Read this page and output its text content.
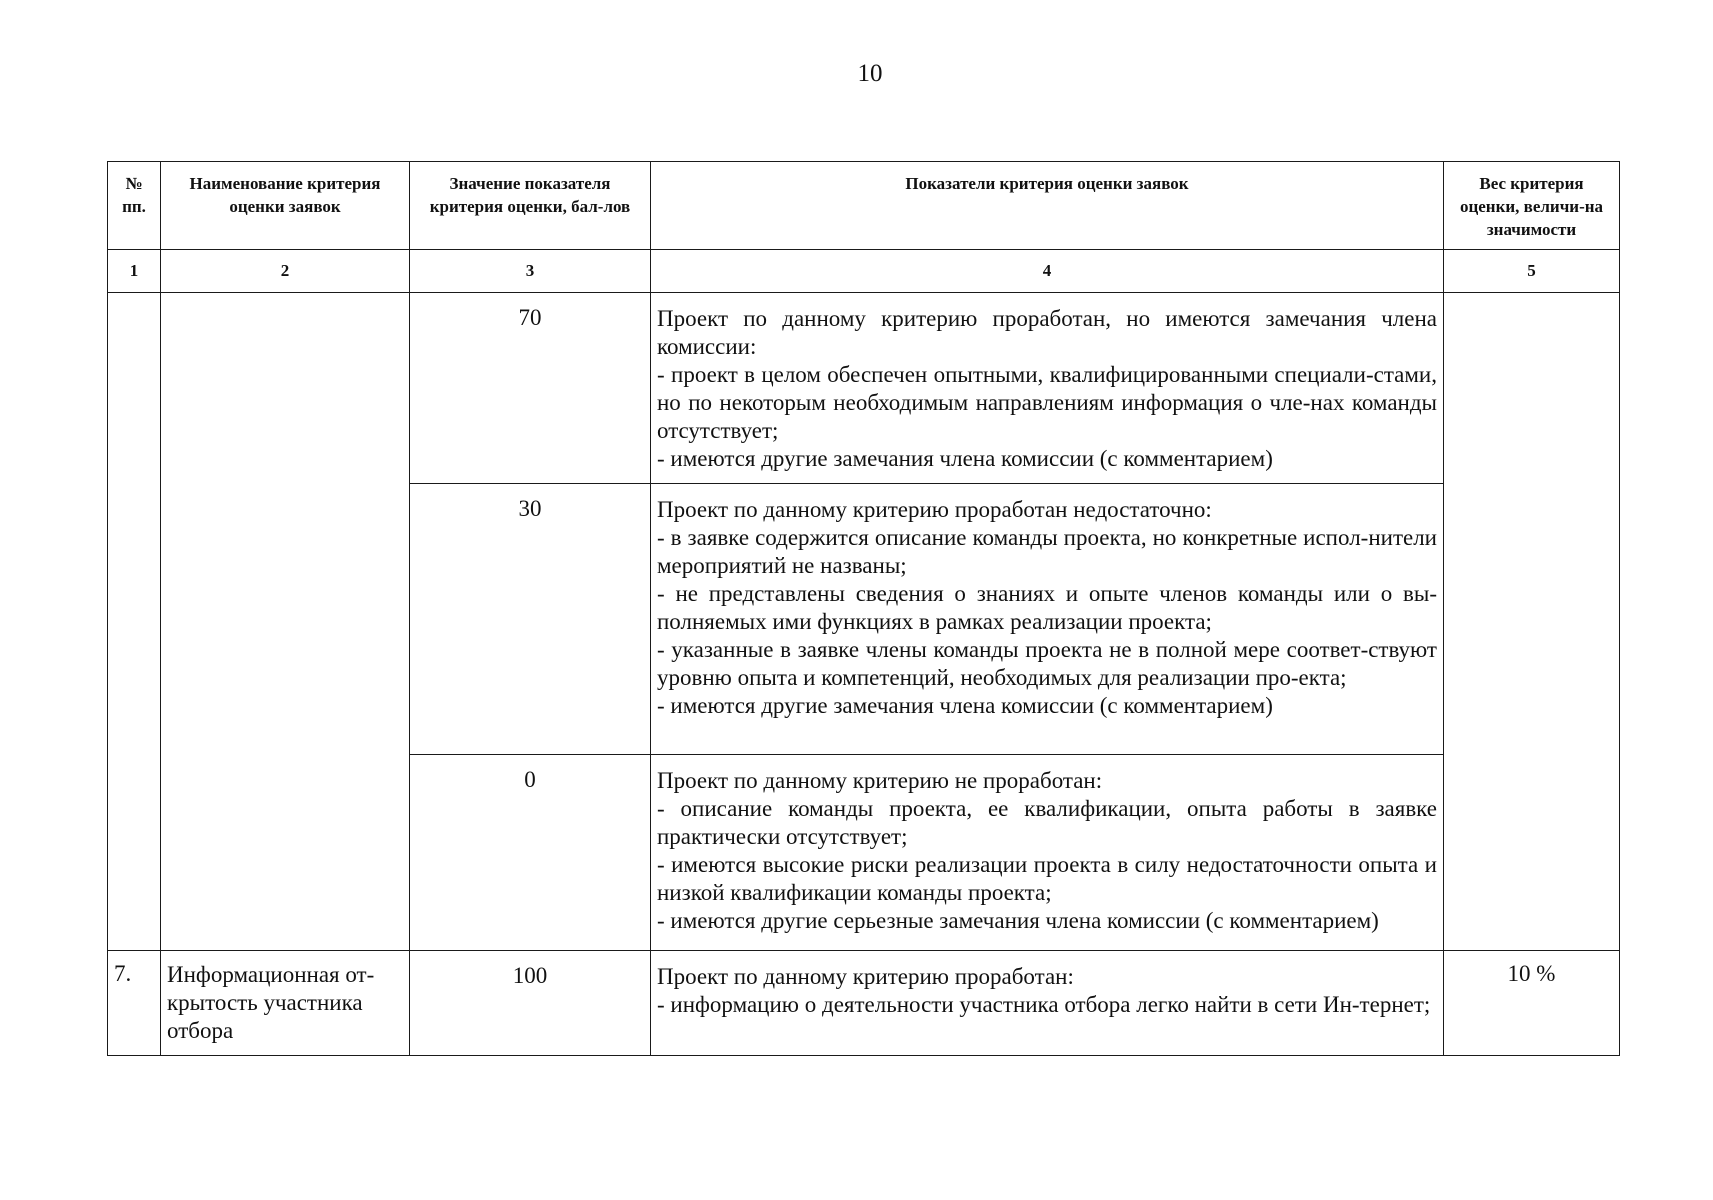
10
№ пп.	Наименование критерия оценки заявок	Значение показателя критерия оценки, бал-лов	Показатели критерия оценки заявок	Вес критерия оценки, величи-на значимости
1	2	3	4	5
		70	Проект по данному критерию проработан, но имеются замечания члена комиссии:

- проект в целом обеспечен опытными, квалифицированными специали-стами, но по некоторым необходимым направлениям информация о чле-нах команды отсутствует;

- имеются другие замечания члена комиссии (с комментарием)	

		30	Проект по данному критерию проработан недостаточно:

- в заявке содержится описание команды проекта, но конкретные испол-нители мероприятий не названы;

- не представлены сведения о знаниях и опыте членов команды или о вы-полняемых ими функциях в рамках реализации проекта;

- указанные в заявке члены команды проекта не в полной мере соответ-ствуют уровню опыта и компетенций, необходимых для реализации про-екта;

- имеются другие замечания члена комиссии (с комментарием)	

		0	Проект по данному критерию не проработан:

- описание команды проекта, ее квалификации, опыта работы в заявке практически отсутствует;

- имеются высокие риски реализации проекта в силу недостаточности опыта и низкой квалификации команды проекта;

- имеются другие серьезные замечания члена комиссии (с комментарием)	

7.	Информационная от-крытость участника отбора	100	Проект по данному критерию проработан:

- информацию о деятельности участника отбора легко найти в сети Ин-тернет;	10 %
